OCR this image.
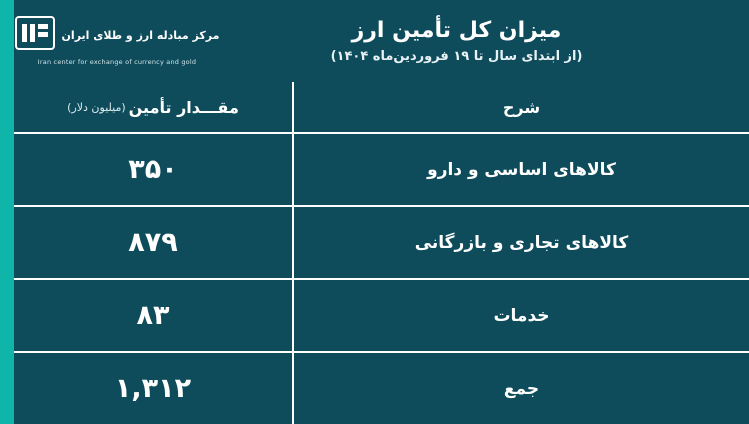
میزان کل تأمین ارز
(از ابتدای سال تا ۱۹ فروردین‌ماه ۱۴۰۴)
مرکز مبادله ارز و طلای ایران
Iran center for exchange of currency and gold
شرح
مقـــدار تأمین
(میلیون دلار)
کالاهای اساسی و دارو
۳۵۰
کالاهای تجاری و بازرگانی
۸۷۹
خدمات
۸۳
جمع
۱,۳۱۲
